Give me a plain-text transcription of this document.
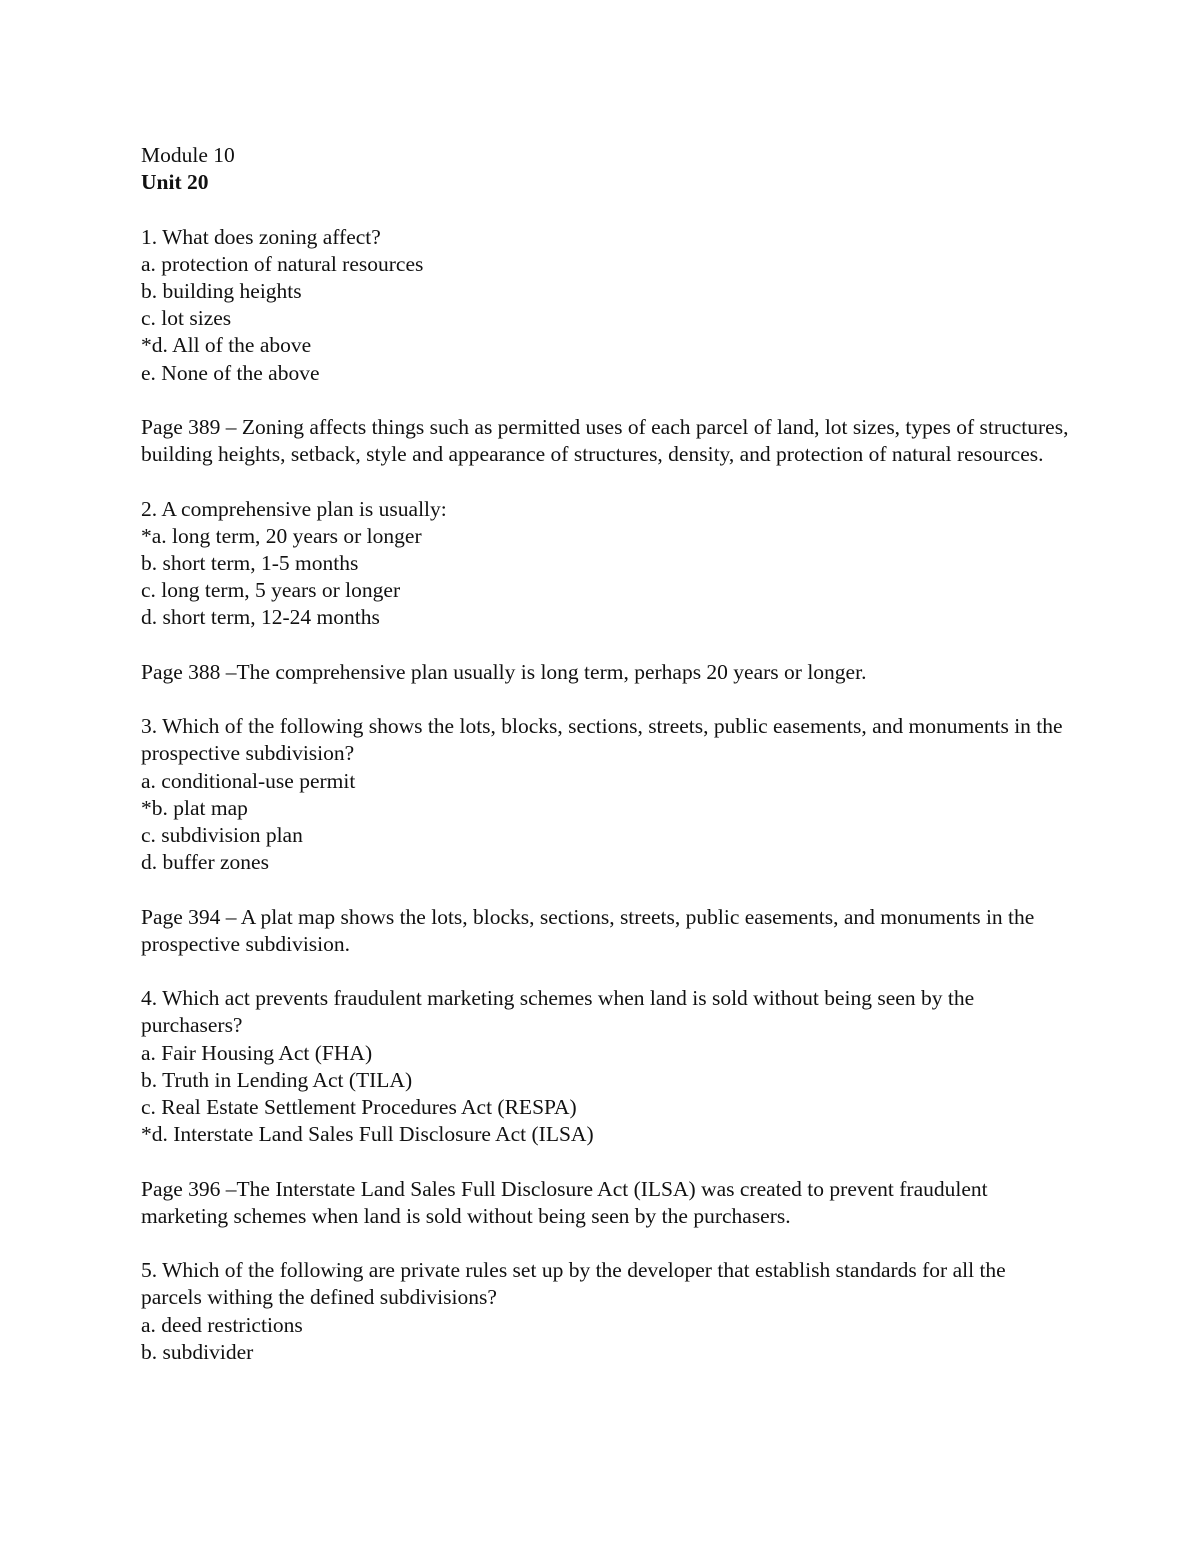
Module 10
Unit 20
1. What does zoning affect?
a. protection of natural resources
b. building heights
c. lot sizes
*d. All of the above
e. None of the above
Page 389 – Zoning affects things such as permitted uses of each parcel of land, lot sizes, types of structures, building heights, setback, style and appearance of structures, density, and protection of natural resources.
2. A comprehensive plan is usually:
*a. long term, 20 years or longer
b. short term, 1-5 months
c. long term, 5 years or longer
d. short term, 12-24 months
Page 388 –The comprehensive plan usually is long term, perhaps 20 years or longer.
3. Which of the following shows the lots, blocks, sections, streets, public easements, and monuments in the prospective subdivision?
a. conditional-use permit
*b. plat map
c. subdivision plan
d. buffer zones
Page 394 – A plat map shows the lots, blocks, sections, streets, public easements, and monuments in the prospective subdivision.
4. Which act prevents fraudulent marketing schemes when land is sold without being seen by the purchasers?
a. Fair Housing Act (FHA)
b. Truth in Lending Act (TILA)
c. Real Estate Settlement Procedures Act (RESPA)
*d. Interstate Land Sales Full Disclosure Act (ILSA)
Page 396 –The Interstate Land Sales Full Disclosure Act (ILSA) was created to prevent fraudulent marketing schemes when land is sold without being seen by the purchasers.
5. Which of the following are private rules set up by the developer that establish standards for all the parcels withing the defined subdivisions?
a. deed restrictions
b. subdivider
